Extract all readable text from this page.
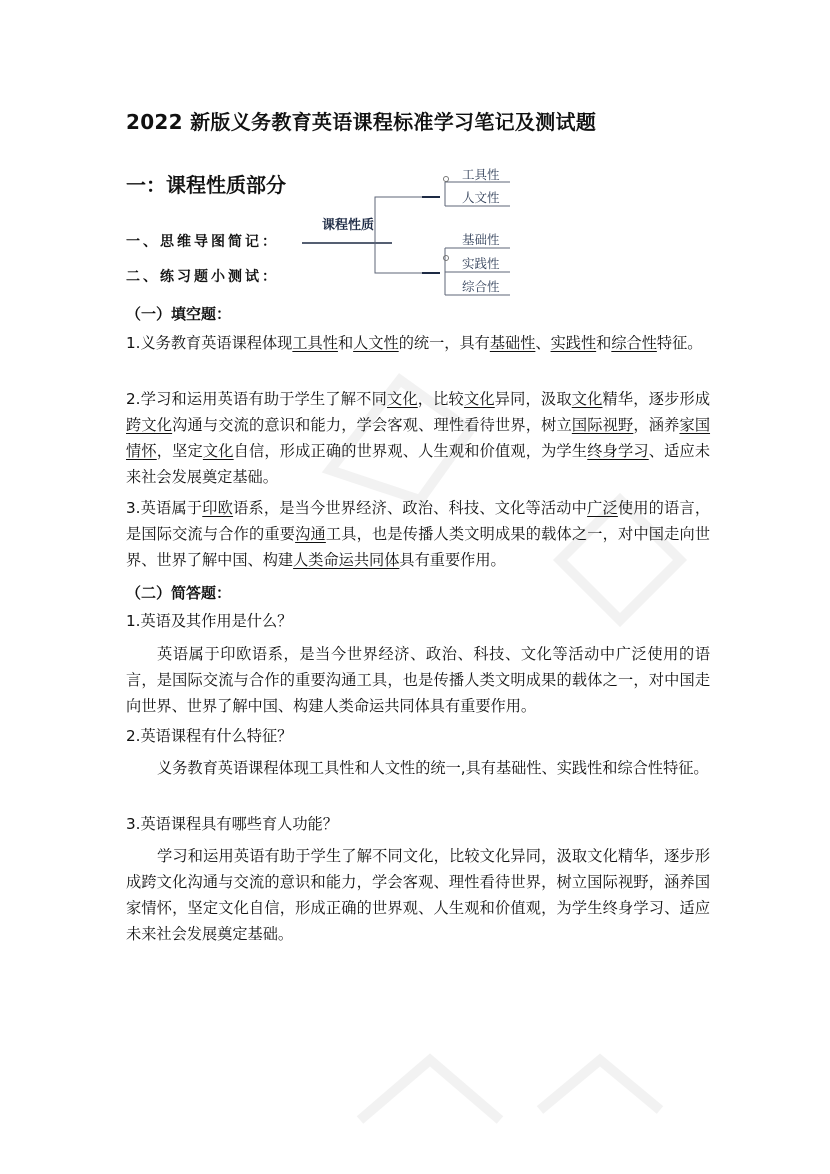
2022 新版义务教育英语课程标准学习笔记及测试题
一：课程性质部分
一、思维导图简记：
二、练习题小测试：
课程性质
工具性
人文性
基础性
实践性
综合性
（一）填空题：
1.义务教育英语课程体现工具性和人文性的统一，具有基础性、实践性和综合性特征。
2.学习和运用英语有助于学生了解不同文化，比较文化异同，汲取文化精华，逐步形成跨文化沟通与交流的意识和能力，学会客观、理性看待世界，树立国际视野，涵养家国情怀，坚定文化自信，形成正确的世界观、人生观和价值观，为学生终身学习、适应未来社会发展奠定基础。
3.英语属于印欧语系，是当今世界经济、政治、科技、文化等活动中广泛使用的语言，是国际交流与合作的重要沟通工具，也是传播人类文明成果的载体之一，对中国走向世界、世界了解中国、构建人类命运共同体具有重要作用。
（二）简答题：
1.英语及其作用是什么？
英语属于印欧语系，是当今世界经济、政治、科技、文化等活动中广泛使用的语言，是国际交流与合作的重要沟通工具，也是传播人类文明成果的载体之一，对中国走向世界、世界了解中国、构建人类命运共同体具有重要作用。
2.英语课程有什么特征？
义务教育英语课程体现工具性和人文性的统一,具有基础性、实践性和综合性特征。
3.英语课程具有哪些育人功能？
学习和运用英语有助于学生了解不同文化，比较文化异同，汲取文化精华，逐步形成跨文化沟通与交流的意识和能力，学会客观、理性看待世界，树立国际视野，涵养国家情怀，坚定文化自信，形成正确的世界观、人生观和价值观，为学生终身学习、适应未来社会发展奠定基础。
